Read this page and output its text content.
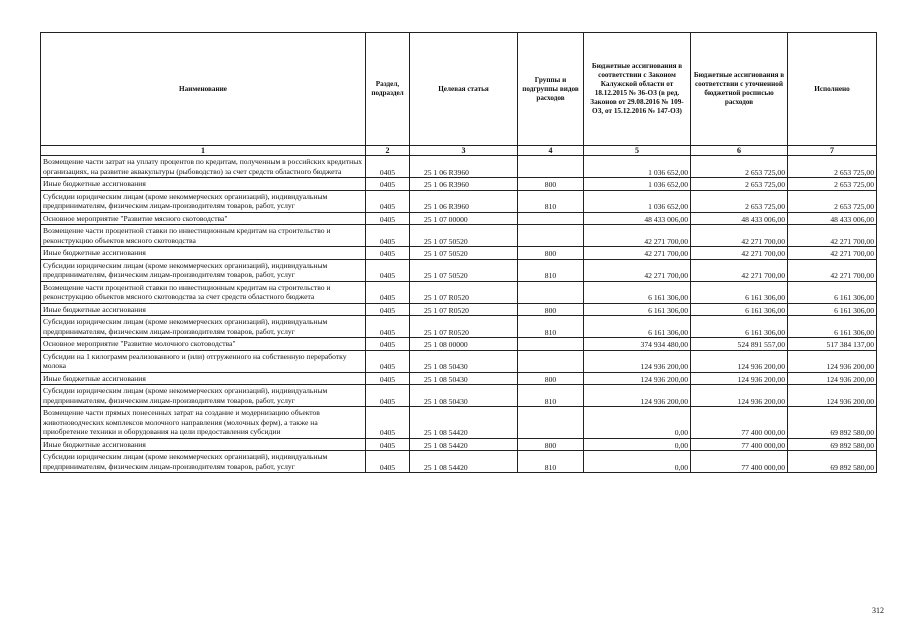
Наименование	Раздел, подраздел	Целевая статья	Группы и подгруппы видов расходов	Бюджетные ассигнования в соответствии с Законом Калужской области от 18.12.2015 № 36-ОЗ (в ред. Законов от 29.08.2016 № 109-ОЗ, от 15.12.2016 № 147-ОЗ)	Бюджетные ассигнования в соответствии с уточненной бюджетной росписью расходов	Исполнено
1	2	3	4	5	6	7
Возмещение части затрат на уплату процентов по кредитам, полученным в российских кредитных организациях, на развитие аквакультуры (рыбоводство) за счет средств областного бюджета	0405	25 1 06 R3960		1 036 652,00	2 653 725,00	2 653 725,00
Иные бюджетные ассигнования	0405	25 1 06 R3960	800	1 036 652,00	2 653 725,00	2 653 725,00
Субсидии юридическим лицам (кроме некоммерческих организаций), индивидуальным предпринимателям, физическим лицам-производителям товаров, работ, услуг	0405	25 1 06 R3960	810	1 036 652,00	2 653 725,00	2 653 725,00
Основное мероприятие "Развитие мясного скотоводства"	0405	25 1 07 00000		48 433 006,00	48 433 006,00	48 433 006,00
Возмещение части процентной ставки по инвестиционным кредитам на строительство и реконструкцию объектов мясного скотоводства	0405	25 1 07 50520		42 271 700,00	42 271 700,00	42 271 700,00
Иные бюджетные ассигнования	0405	25 1 07 50520	800	42 271 700,00	42 271 700,00	42 271 700,00
Субсидии юридическим лицам (кроме некоммерческих организаций), индивидуальным предпринимателям, физическим лицам-производителям товаров, работ, услуг	0405	25 1 07 50520	810	42 271 700,00	42 271 700,00	42 271 700,00
Возмещение части процентной ставки по инвестиционным кредитам на строительство и реконструкцию объектов мясного скотоводства за счет средств областного бюджета	0405	25 1 07 R0520		6 161 306,00	6 161 306,00	6 161 306,00
Иные бюджетные ассигнования	0405	25 1 07 R0520	800	6 161 306,00	6 161 306,00	6 161 306,00
Субсидии юридическим лицам (кроме некоммерческих организаций), индивидуальным предпринимателям, физическим лицам-производителям товаров, работ, услуг	0405	25 1 07 R0520	810	6 161 306,00	6 161 306,00	6 161 306,00
Основное мероприятие "Развитие молочного скотоводства"	0405	25 1 08 00000		374 934 480,00	524 891 557,00	517 384 137,00
Субсидии на 1 килограмм реализованного и (или) отгруженного на собственную переработку молока	0405	25 1 08 50430		124 936 200,00	124 936 200,00	124 936 200,00
Иные бюджетные ассигнования	0405	25 1 08 50430	800	124 936 200,00	124 936 200,00	124 936 200,00
Субсидии юридическим лицам (кроме некоммерческих организаций), индивидуальным предпринимателям, физическим лицам-производителям товаров, работ, услуг	0405	25 1 08 50430	810	124 936 200,00	124 936 200,00	124 936 200,00
Возмещение части прямых понесенных затрат на создание и модернизацию объектов животноводческих комплексов молочного направления (молочных ферм), а также на приобретение техники и оборудования на цели предоставления субсидии	0405	25 1 08 54420		0,00	77 400 000,00	69 892 580,00
Иные бюджетные ассигнования	0405	25 1 08 54420	800	0,00	77 400 000,00	69 892 580,00
Субсидии юридическим лицам (кроме некоммерческих организаций), индивидуальным предпринимателям, физическим лицам-производителям товаров, работ, услуг	0405	25 1 08 54420	810	0,00	77 400 000,00	69 892 580,00
312
